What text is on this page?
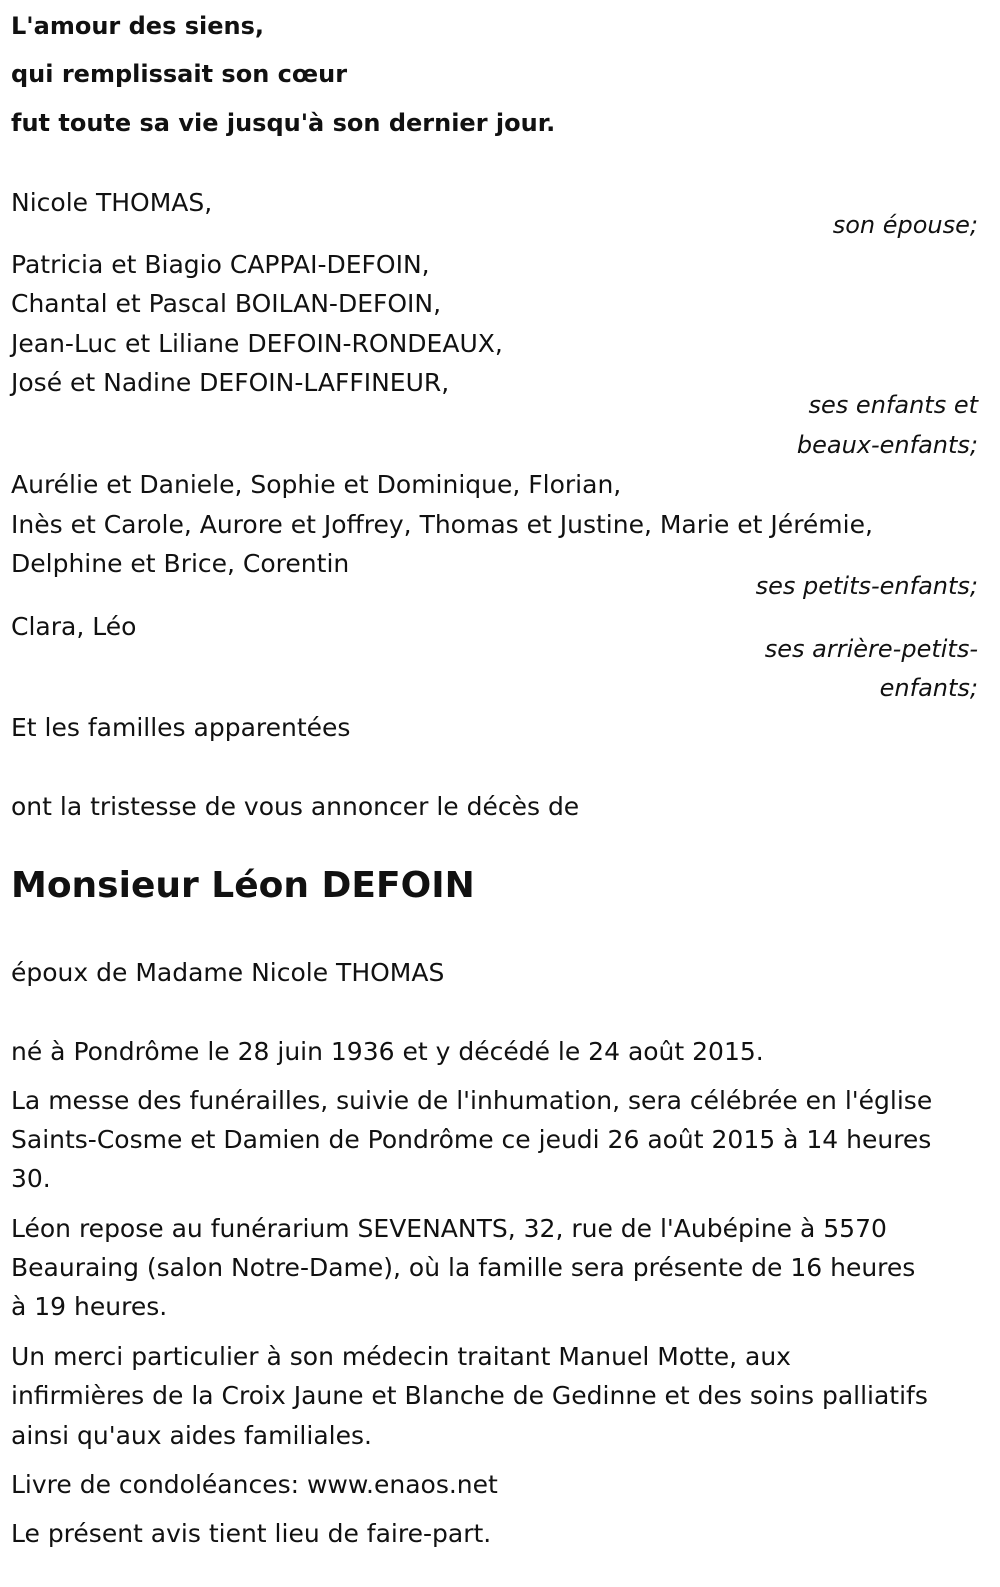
L'amour des siens,

qui remplissait son cœur

fut toute sa vie jusqu'à son dernier jour.

Nicole THOMAS,

son épouse;

Patricia et Biagio CAPPAI-DEFOIN,

Chantal et Pascal BOILAN-DEFOIN,

Jean-Luc et Liliane DEFOIN-RONDEAUX,

José et Nadine DEFOIN-LAFFINEUR,

ses enfants et

beaux-enfants;

Aurélie et Daniele, Sophie et Dominique, Florian,

Inès et Carole, Aurore et Joffrey, Thomas et Justine, Marie et Jérémie,

Delphine et Brice, Corentin

ses petits-enfants;

Clara, Léo

ses arrière-petits-

enfants;

Et les familles apparentées

ont la tristesse de vous annoncer le décès de

Monsieur Léon DEFOIN

époux de Madame Nicole THOMAS

né à Pondrôme le 28 juin 1936 et y décédé le 24 août 2015.

La messe des funérailles, suivie de l'inhumation, sera célébrée en l'église

Saints-Cosme et Damien de Pondrôme ce jeudi 26 août 2015 à 14 heures

30.

Léon repose au funérarium SEVENANTS, 32, rue de l'Aubépine à 5570

Beauraing (salon Notre-Dame), où la famille sera présente de 16 heures

à 19 heures.

Un merci particulier à son médecin traitant Manuel Motte, aux

infirmières de la Croix Jaune et Blanche de Gedinne et des soins palliatifs

ainsi qu'aux aides familiales.

Livre de condoléances: www.enaos.net

Le présent avis tient lieu de faire-part.
